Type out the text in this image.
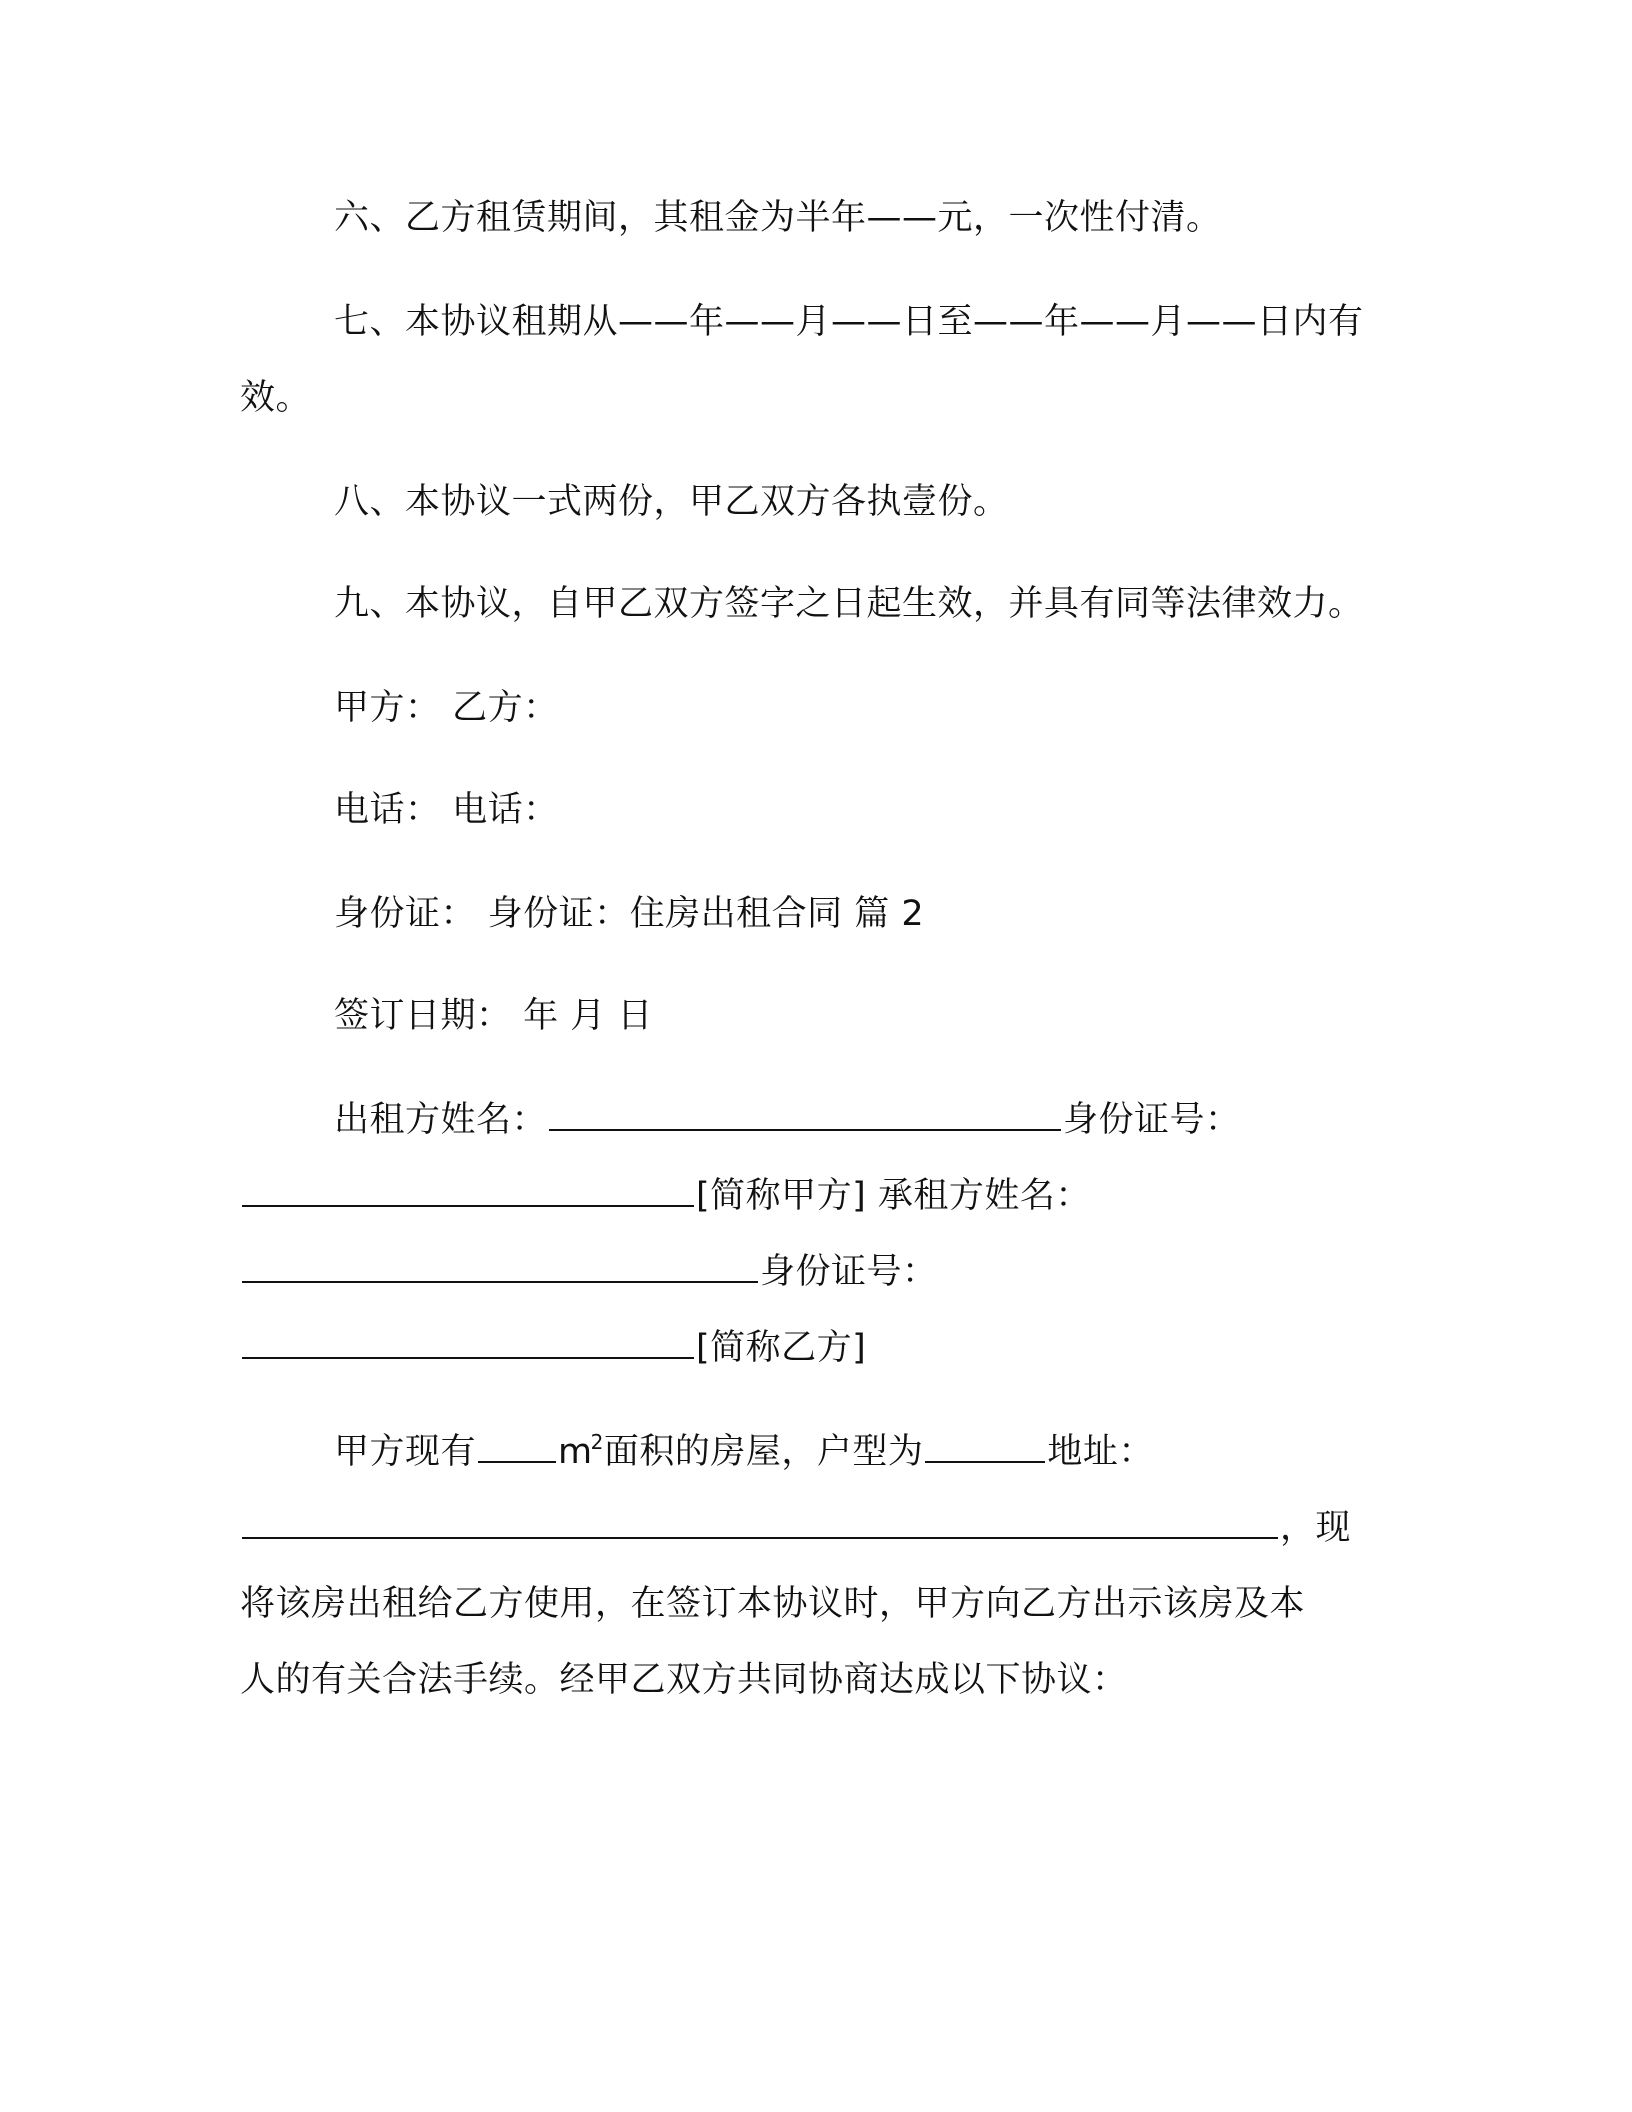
六、乙方租赁期间，其租金为半年——元，一次性付清。
七、本协议租期从——年——月——日至——年——月——日内有
效。
八、本协议一式两份，甲乙双方各执壹份。
九、本协议，自甲乙双方签字之日起生效，并具有同等法律效力。
甲方： 乙方：
电话： 电话：
身份证： 身份证：住房出租合同 篇 2
签订日期： 年 月 日
出租方姓名：	身份证号：
[简称甲方] 承租方姓名：
身份证号：
[简称乙方]
甲方现有 $m^2$面积的房屋，户型为	地址：
，现
将该房出租给乙方使用，在签订本协议时，甲方向乙方出示该房及本
人的有关合法手续。经甲乙双方共同协商达成以下协议：
